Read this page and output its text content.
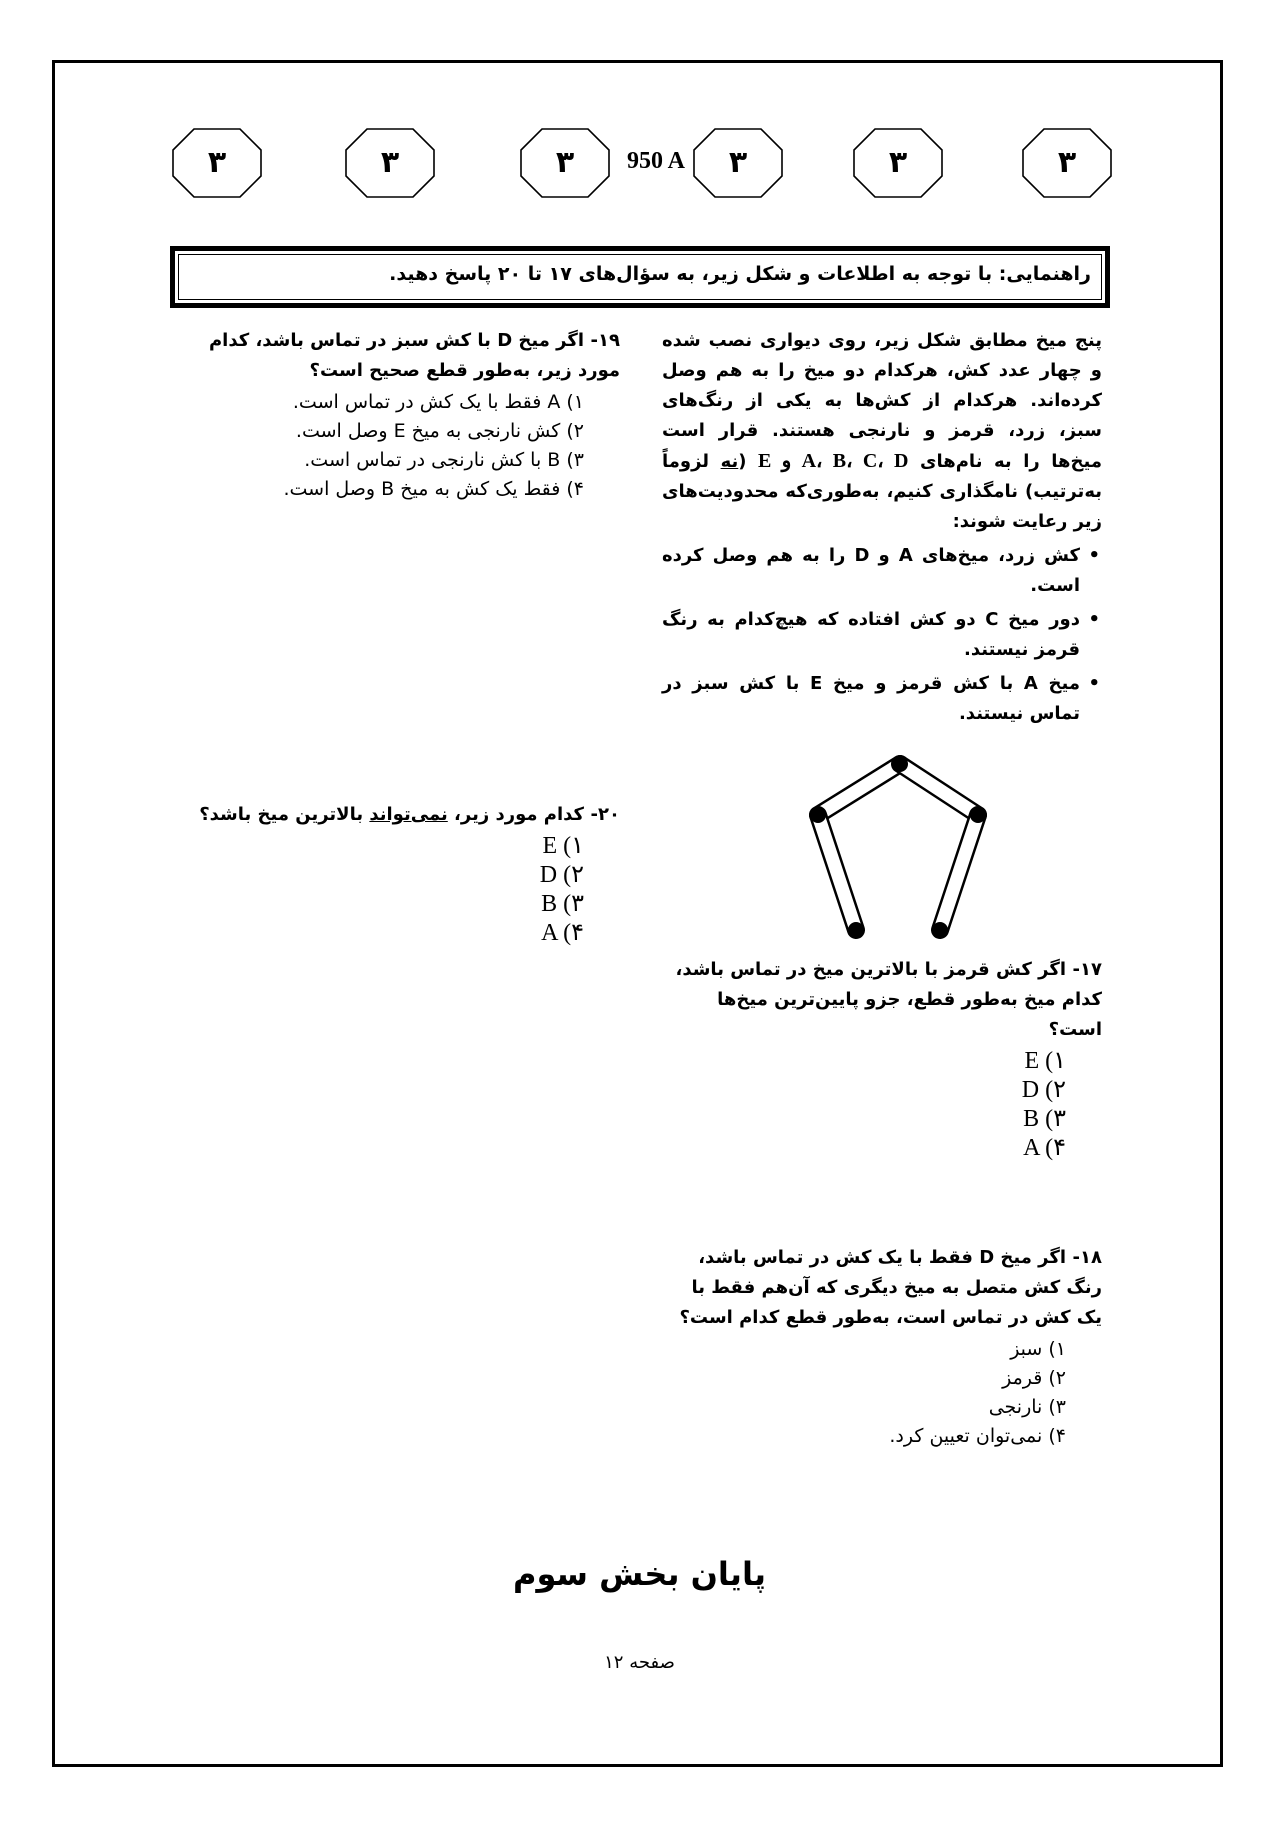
۳	۳	۳	950 A	۳	۳	۳
راهنمایی: با توجه به اطلاعات و شکل زیر، به سؤال‌های ۱۷ تا ۲۰ پاسخ دهید.

پنج میخ مطابق شکل زیر، روی دیواری نصب شده و چهار عدد کش، هرکدام دو میخ را به هم وصل کرده‌اند. هرکدام از کش‌ها به یکی از رنگ‌های سبز، زرد، قرمز و نارنجی هستند. قرار است میخ‌ها را به نام‌های A، B، C، D و E (نه لزوماً به‌ترتیب) نامگذاری کنیم، به‌طوری‌که محدودیت‌های زیر رعایت شوند:

• کش زرد، میخ‌های A و D را به هم وصل کرده است.
• دور میخ C دو کش افتاده که هیچ‌کدام به رنگ قرمز نیستند.
• میخ A با کش قرمز و میخ E با کش سبز در تماس نیستند.
۱۷-اگر کش قرمز با بالاترین میخ در تماس باشد، کدام میخ به‌طور قطع، جزو پایین‌ترین میخ‌ها است؟
E (۱
D (۲
B (۳
A (۴
۱۸-اگر میخ D فقط با یک کش در تماس باشد، رنگ کش متصل به میخ دیگری که آن‌هم فقط با یک کش در تماس است، به‌طور قطع کدام است؟
۱) سبز
۲) قرمز
۳) نارنجی
۴) نمی‌توان تعیین کرد.
۱۹-اگر میخ D با کش سبز در تماس باشد، کدام مورد زیر، به‌طور قطع صحیح است؟
۱) A فقط با یک کش در تماس است.
۲) کش نارنجی به میخ E وصل است.
۳) B با کش نارنجی در تماس است.
۴) فقط یک کش به میخ B وصل است.
۲۰-کدام مورد زیر، نمی‌تواند بالاترین میخ باشد؟
E (۱
D (۲
B (۳
A (۴
پایان بخش سوم
صفحه ۱۲
